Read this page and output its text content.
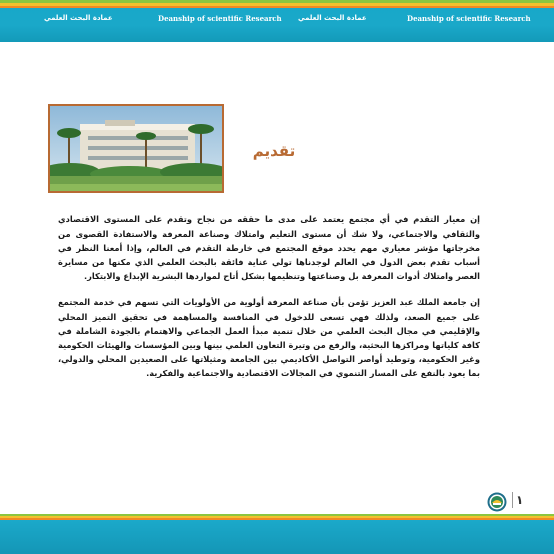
عمادة البحث العلمي	Deanship of scientific Research عمادة البحث العلمي	Deanship of scientific Research
تقديم

إن معيار التقدم في أي مجتمع يعتمد على مدى ما حققه من نجاح وتقدم على المستوى الاقتصادي والثقافي والاجتماعي، ولا شك أن مستوى التعليم وامتلاك وصناعة المعرفة والاستفادة القصوى من مخرجاتها مؤشر معياري مهم يحدد موقع المجتمع في خارطة التقدم في العالم، وإذا أمعنا النظر في أسباب تقدم بعض الدول في العالم لوجدناها تولي عناية فائقة بالبحث العلمي الذي مكنها من مسايرة العصر وامتلاك أدوات المعرفة بل وصناعتها وتنظيمها بشكل أتاح لمواردها البشرية الإبداع والابتكار.

إن جامعة الملك عبد العزيز تؤمن بأن صناعة المعرفة أولوية من الأولويات التي تسهم في خدمة المجتمع على جميع الصعد، ولذلك فهي تسعى للدخول في المنافسة والمساهمة في تحقيق التميز المحلي والإقليمي في مجال البحث العلمي من خلال تنمية مبدأ العمل الجماعي والاهتمام بالجودة الشاملة في كافة كلياتها ومراكزها البحثية، والرفع من وتيرة التعاون العلمي بينها وبين المؤسسات والهيئات الحكومية وغير الحكومية، وتوطيد أواصر التواصل الأكاديمي بين الجامعة ومثيلاتها على الصعيدين المحلي والدولي، بما يعود بالنفع على المسار التنموي في المجالات الاقتصادية والاجتماعية والفكرية.

١
